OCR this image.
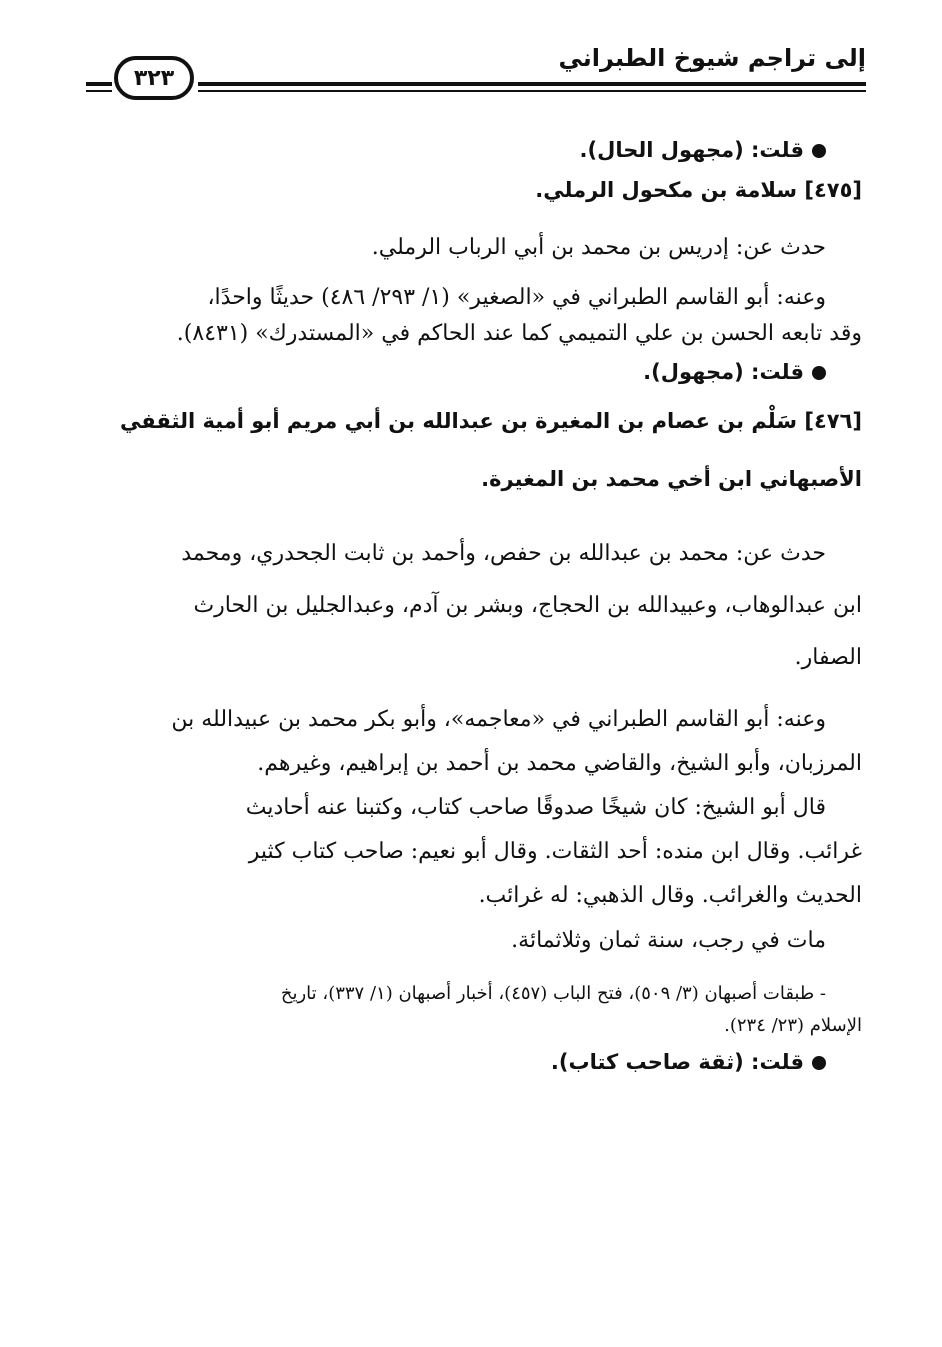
إلى تراجم شيوخ الطبراني
٣٢٣

قلت: (مجهول الحال).

[٤٧٥] سلامة بن مكحول الرملي.

حدث عن: إدريس بن محمد بن أبي الرباب الرملي.

وعنه: أبو القاسم الطبراني في «الصغير» (١/ ٢٩٣/ ٤٨٦) حديثًا واحدًا،

وقد تابعه الحسن بن علي التميمي كما عند الحاكم في «المستدرك» (٨٤٣١).

قلت: (مجهول).

[٤٧٦] سَلْم بن عصام بن المغيرة بن عبدالله بن أبي مريم أبو أمية الثقفي
الأصبهاني ابن أخي محمد بن المغيرة.

حدث عن: محمد بن عبدالله بن حفص، وأحمد بن ثابت الجحدري، ومحمد

ابن عبدالوهاب، وعبيدالله بن الحجاج، وبشر بن آدم، وعبدالجليل بن الحارث

الصفار.

وعنه: أبو القاسم الطبراني في «معاجمه»، وأبو بكر محمد بن عبيدالله بن

المرزبان، وأبو الشيخ، والقاضي محمد بن أحمد بن إبراهيم، وغيرهم.

قال أبو الشيخ: كان شيخًا صدوقًا صاحب كتاب، وكتبنا عنه أحاديث

غرائب. وقال ابن منده: أحد الثقات. وقال أبو نعيم: صاحب كتاب كثير

الحديث والغرائب. وقال الذهبي: له غرائب.

مات في رجب، سنة ثمان وثلاثمائة.

- طبقات أصبهان (٣/ ٥٠٩)، فتح الباب (٤٥٧)، أخبار أصبهان (١/ ٣٣٧)، تاريخ

الإسلام (٢٣/ ٢٣٤).

قلت: (ثقة صاحب كتاب).
